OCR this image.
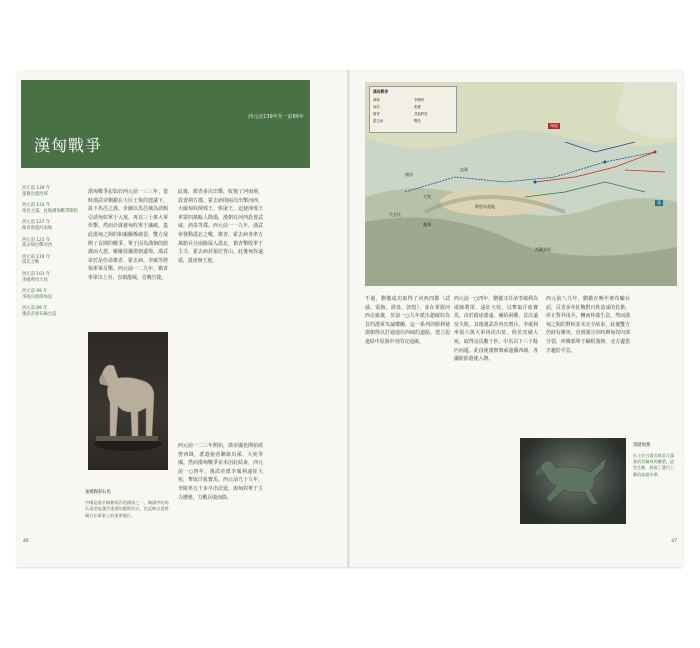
西元前139年至一前89年
漢匈戰爭
西元前 139 年
張騫出使西域
西元前 133 年
馬邑之謀，此後漢匈戰爭開始
西元前 127 年
衛青收復河南地
西元前 121 年
霍去病出擊河西
西元前 119 年
漠北之戰
西元前 101 年
李廣利伐大宛
西元前 99 年
李陵兵敗降匈奴
西元前 89 年
漢武帝頒布輪台詔
漢匈戰爭起始於西元前一三三年。當時漢武帝劉徹在大臣王恢的建議下，設下馬邑之謀，企圖以馬邑城為誘餌引誘匈奴單于入塞，再以三十萬大軍伏擊。然而計謀被匈奴單于識破，從此漢匈之間的和親關係破裂，雙方展開了長期的戰爭。單于因為漢朝的陰謀而大怒，屢屢侵擾漢朝邊境。漢武帝於是任命衛青、霍去病、李廣等將領率軍反擊。西元前一二九年，衛青率軍出上谷，直搗龍城，首戰告捷。
此後，衛青多次出擊，收復了河南地，設置朔方郡。霍去病則兩次出擊河西，大破匈奴渾邪王、休屠王，迫使渾邪王率眾四萬餘人降漢，漢朝在河西設置武威、酒泉等郡。西元前一一九年，漢武帝發動漠北之戰，衛青、霍去病各率五萬騎兵分兩路深入漠北，衛青擊敗單于主力，霍去病封狼居胥山。此後匈奴遠遁，漠南無王庭。
西元前一二三年開始，漢帝國也開始經營西域，派遣使者聯絡烏孫、大宛等國。然而漢匈戰爭並未因此結束，西元前一○四年，漢武帝派李廣利遠征大宛，奪取汗血寶馬。西元前九十九年，李陵率五千步卒出居延，與匈奴單于主力遭遇，力戰兵敗而降。
東漢陶彩石馬
中國是最早飼養馬匹的國家之一，陶俑中的馬匹造型是漢代重要的藝術形式，也反映出當時騎兵在軍事上的重要地位。
46
漢匈戰爭
漢朝
匈奴
衛青
霍去病
李廣利
張騫
其他將領
戰役
匈奴
大宛
烏孫
康居
大月氏
塔里木盆地
蔥嶺
西藏高原
漢
不過，劉徹成功取得了河西四郡（武威、張掖、酒泉、敦煌），並在掌握河西走廊後，於前一○九年派出趙破奴為首的漢軍攻滅樓蘭。這一系列的勝利使漢朝得以打通通往西域的道路，建立起連結中原與中亞的交通線。
西元前一○四年，劉徹又任命李廣利為貳師將軍，遠征大宛，以奪取汗血寶馬。由於路途遙遠，補給困難，首次遠征失敗。其後漢武帝再次增兵，李廣利率領六萬大軍再次出征，終於攻破大宛，取得良馬數十匹、中馬以下三千餘匹而還。此役使漢朝聲威遠播西域，各國紛紛遣使入朝。
西元前八九年，劉徹在晚年頒布輪台詔，反省多年征戰對百姓造成的負擔，停止對外用兵，轉而休養生息。然而漢匈之間的對峙並未完全結束，此後雙方仍時有衝突，直到漢宣帝時期匈奴內部分裂，呼韓邪單于歸附漢朝，北方邊患才趨於平息。
馬踏飛燕
出土於甘肅武威雷台漢墓的青銅奔馬雕塑，造型生動，展現了漢代工藝的高超水準。
47
